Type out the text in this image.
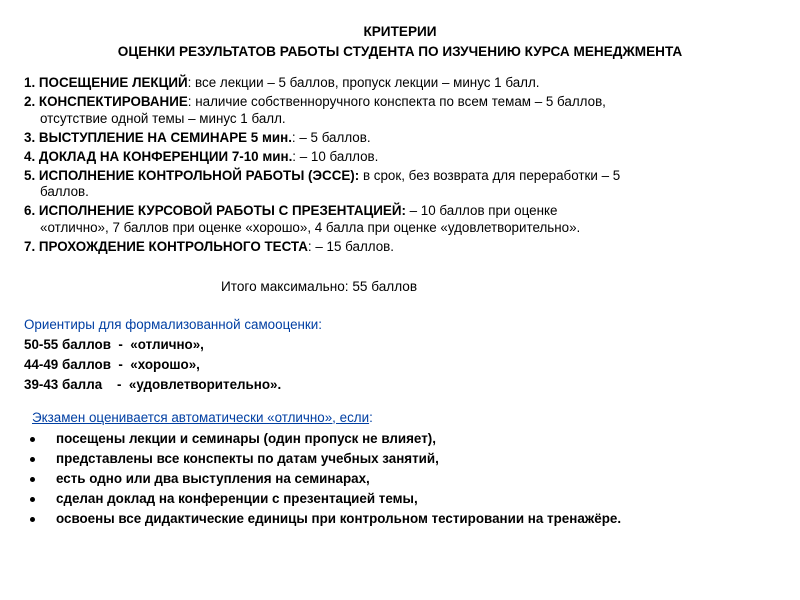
КРИТЕРИИ
ОЦЕНКИ РЕЗУЛЬТАТОВ РАБОТЫ СТУДЕНТА ПО ИЗУЧЕНИЮ КУРСА МЕНЕДЖМЕНТА
1. ПОСЕЩЕНИЕ ЛЕКЦИЙ: все лекции – 5 баллов, пропуск лекции – минус 1 балл.
2. КОНСПЕКТИРОВАНИЕ: наличие собственноручного конспекта по всем темам – 5 баллов,
отсутствие одной темы – минус 1 балл.
3. ВЫСТУПЛЕНИЕ НА СЕМИНАРЕ 5 мин.: – 5 баллов.
4. ДОКЛАД НА КОНФЕРЕНЦИИ 7-10 мин.: – 10 баллов.
5. ИСПОЛНЕНИЕ КОНТРОЛЬНОЙ РАБОТЫ (ЭССЕ): в срок, без возврата для переработки – 5
баллов.
6. ИСПОЛНЕНИЕ КУРСОВОЙ РАБОТЫ С ПРЕЗЕНТАЦИЕЙ: – 10 баллов при оценке
«отлично», 7 баллов при оценке «хорошо», 4 балла при оценке «удовлетворительно».
7. ПРОХОЖДЕНИЕ КОНТРОЛЬНОГО ТЕСТА: – 15 баллов.
Итого максимально: 55 баллов
Ориентиры для формализованной самооценки:
50-55 баллов  -  «отлично»,
44-49 баллов  -  «хорошо»,
39-43 балла    -  «удовлетворительно».
Экзамен оценивается автоматически «отлично», если:
посещены лекции и семинары (один пропуск не влияет),
представлены все конспекты по датам учебных занятий,
есть одно или два выступления на семинарах,
сделан доклад на конференции с презентацией темы,
освоены все дидактические единицы при контрольном тестировании на тренажёре.
